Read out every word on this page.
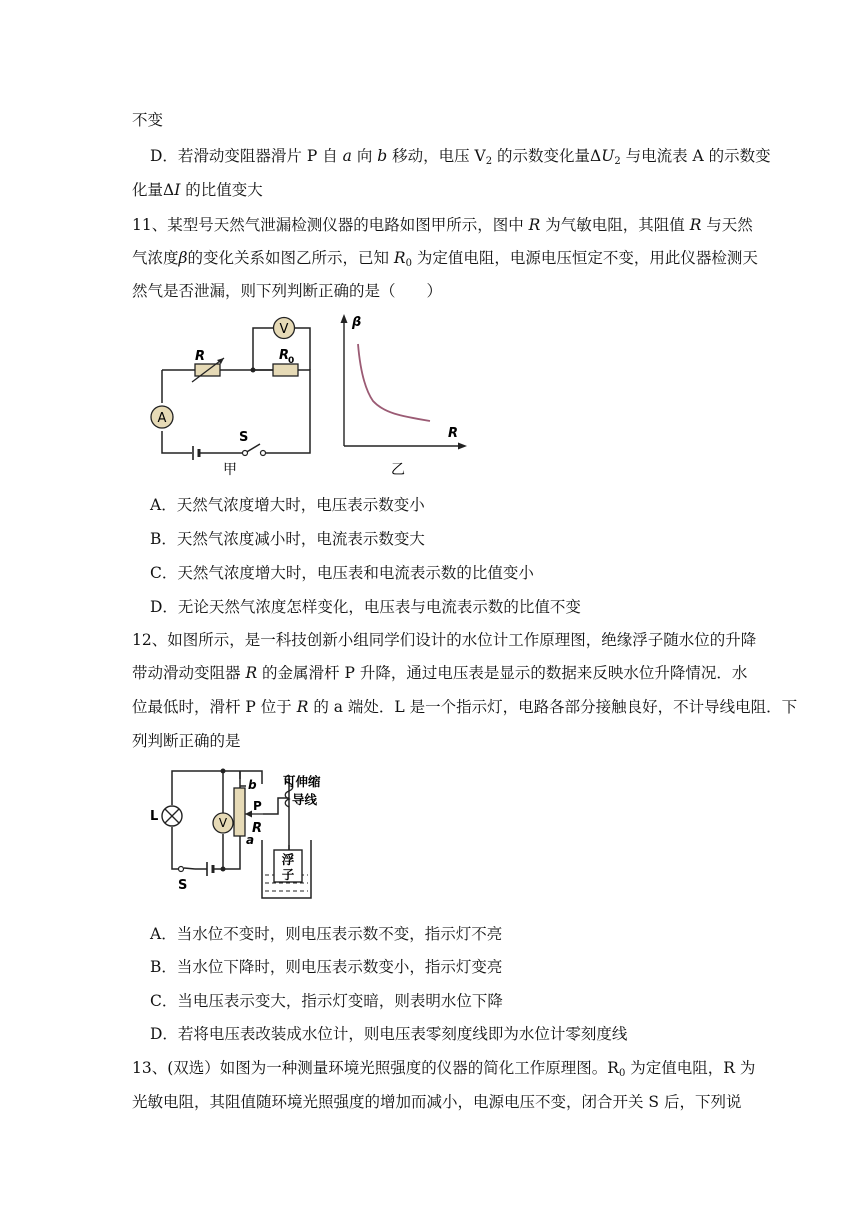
不变
D．若滑动变阻器滑片 P 自 a 向 b 移动，电压 $V_2$ 的示数变化量$\Delta U_2$ 与电流表 A 的示数变
化量ΔI 的比值变大
11、某型号天然气泄漏检测仪器的电路如图甲所示，图中 R 为气敏电阻，其阻值 R 与天然
气浓度β的变化关系如图乙所示，已知 $R_0$ 为定值电阻，电源电压恒定不变，用此仪器检测天
然气是否泄漏，则下列判断正确的是（　　）
V
A
R	R
0
S
甲
β
R
乙
A．天然气浓度增大时，电压表示数变小
B．天然气浓度减小时，电流表示数变大
C．天然气浓度增大时，电压表和电流表示数的比值变小
D．无论天然气浓度怎样变化，电压表与电流表示数的比值不变
12、如图所示，是一科技创新小组同学们设计的水位计工作原理图，绝缘浮子随水位的升降
带动滑动变阻器 R 的金属滑杆 P 升降，通过电压表是显示的数据来反映水位升降情况．水
位最低时，滑杆 P 位于 R 的 a 端处．L 是一个指示灯，电路各部分接触良好，不计导线电阻．下
列判断正确的是
L	V
b
P
R
a
S
可伸缩
导线
浮
子
A．当水位不变时，则电压表示数不变，指示灯不亮
B．当水位下降时，则电压表示数变小，指示灯变亮
C．当电压表示变大，指示灯变暗，则表明水位下降
D．若将电压表改装成水位计，则电压表零刻度线即为水位计零刻度线
13、(双选）如图为一种测量环境光照强度的仪器的简化工作原理图。$R_0$ 为定值电阻，R 为
光敏电阻，其阻值随环境光照强度的增加而减小，电源电压不变，闭合开关 S 后，下列说
